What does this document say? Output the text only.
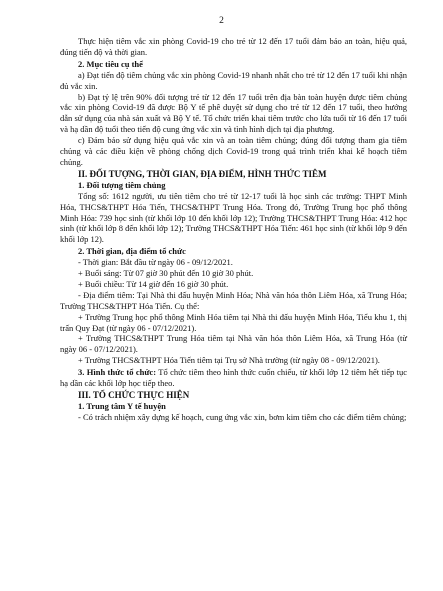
2

Thực hiện tiêm vắc xin phòng Covid-19 cho trẻ từ 12 đến 17 tuổi đảm bảo an toàn, hiệu quả, đúng tiến độ và thời gian.

2. Mục tiêu cụ thể

a) Đạt tiến độ tiêm chủng vắc xin phòng Covid-19 nhanh nhất cho trẻ từ 12 đến 17 tuổi khi nhận đủ vắc xin.

b) Đạt tỷ lệ trên 90% đối tượng trẻ từ 12 đến 17 tuổi trên địa bàn toàn huyện được tiêm chủng vắc xin phòng Covid-19 đã được Bộ Y tế phê duyệt sử dụng cho trẻ từ 12 đến 17 tuổi, theo hướng dẫn sử dụng của nhà sản xuất và Bộ Y tế. Tổ chức triển khai tiêm trước cho lứa tuổi từ 16 đến 17 tuổi và hạ dần độ tuổi theo tiến độ cung ứng vắc xin và tình hình dịch tại địa phương.

c) Đảm bảo sử dụng hiệu quả vắc xin và an toàn tiêm chủng; đúng đối tượng tham gia tiêm chủng và các điều kiện về phòng chống dịch Covid-19 trong quá trình triển khai kế hoạch tiêm chủng.

II. ĐỐI TƯỢNG, THỜI GIAN, ĐỊA ĐIỂM, HÌNH THỨC TIÊM

1. Đối tượng tiêm chủng

Tổng số: 1612 người, ưu tiên tiêm cho trẻ từ 12-17 tuổi là học sinh các trường: THPT Minh Hóa, THCS&THPT Hóa Tiến, THCS&THPT Trung Hóa. Trong đó, Trường Trung học phổ thông Minh Hóa: 739 học sinh (từ khối lớp 10 đến khối lớp 12); Trường THCS&THPT Trung Hóa: 412 học sinh (từ khối lớp 8 đến khối lớp 12); Trường THCS&THPT Hóa Tiến: 461 học sinh (từ khối lớp 9 đến khối lớp 12).

2. Thời gian, địa điểm tổ chức

- Thời gian: Bắt đầu từ ngày 06 - 09/12/2021.

+ Buổi sáng: Từ 07 giờ 30 phút đến 10 giờ 30 phút.

+ Buổi chiều: Từ 14 giờ đến 16 giờ 30 phút.

- Địa điểm tiêm: Tại Nhà thi đấu huyện Minh Hóa; Nhà văn hóa thôn Liêm Hóa, xã Trung Hóa; Trường THCS&THPT Hóa Tiến. Cụ thể:

+ Trường Trung học phổ thông Minh Hóa tiêm tại Nhà thi đấu huyện Minh Hóa, Tiểu khu 1, thị trấn Quy Đạt (từ ngày 06 - 07/12/2021).

+ Trường THCS&THPT Trung Hóa tiêm tại Nhà văn hóa thôn Liêm Hóa, xã Trung Hóa (từ ngày 06 - 07/12/2021).

+ Trường THCS&THPT Hóa Tiến tiêm tại Trụ sở Nhà trường (từ ngày 08 - 09/12/2021).

3. Hình thức tổ chức: Tổ chức tiêm theo hình thức cuốn chiếu, từ khối lớp 12 tiêm hết tiếp tục hạ dần các khối lớp học tiếp theo.

III. TỔ CHỨC THỰC HIỆN

1. Trung tâm Y tế huyện

- Có trách nhiệm xây dựng kế hoạch, cung ứng vắc xin, bơm kim tiêm cho các điểm tiêm chủng;
